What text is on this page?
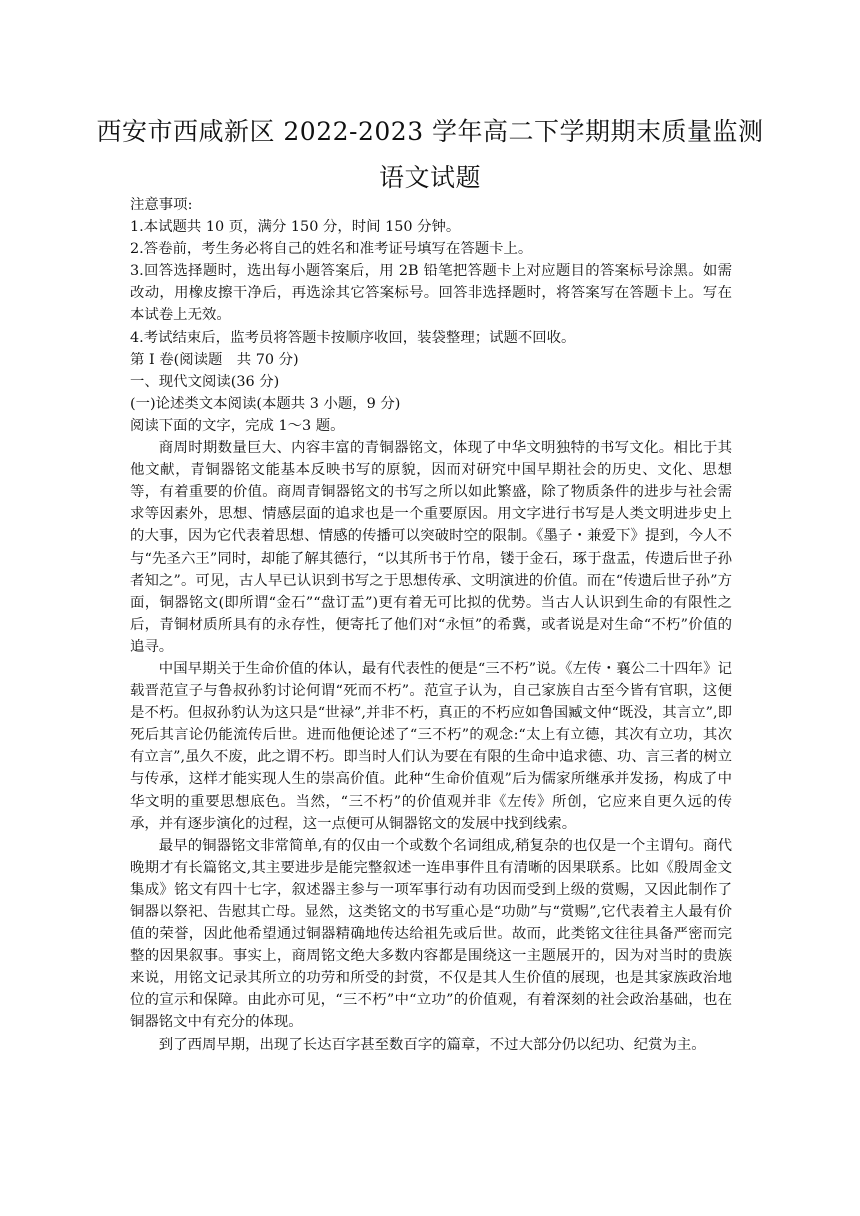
西安市西咸新区 2022-2023 学年高二下学期期末质量监测
语文试题

注意事项:

1.本试题共 10 页，满分 150 分，时间 150 分钟。

2.答卷前，考生务必将自己的姓名和准考证号填写在答题卡上。

3.回答选择题时，选出每小题答案后，用 2B 铅笔把答题卡上对应题目的答案标号涂黑。如需改动，用橡皮擦干净后，再选涂其它答案标号。回答非选择题时，将答案写在答题卡上。写在本试卷上无效。

4.考试结束后，监考员将答题卡按顺序收回，装袋整理；试题不回收。

第 I 卷(阅读题　共 70 分)

一、现代文阅读(36 分)

(一)论述类文本阅读(本题共 3 小题，9 分)

阅读下面的文字，完成 1～3 题。

商周时期数量巨大、内容丰富的青铜器铭文，体现了中华文明独特的书写文化。相比于其他文献，青铜器铭文能基本反映书写的原貌，因而对研究中国早期社会的历史、文化、思想等，有着重要的价值。商周青铜器铭文的书写之所以如此繁盛，除了物质条件的进步与社会需求等因素外，思想、情感层面的追求也是一个重要原因。用文字进行书写是人类文明进步史上的大事，因为它代表着思想、情感的传播可以突破时空的限制。《墨子・兼爱下》提到，今人不与“先圣六王”同时，却能了解其德行，“以其所书于竹帛，镂于金石，琢于盘盂，传遗后世子孙者知之”。可见，古人早已认识到书写之于思想传承、文明演进的价值。而在“传遗后世子孙”方面，铜器铭文(即所谓“金石”“盘订盂”)更有着无可比拟的优势。当古人认识到生命的有限性之后，青铜材质所具有的永存性，便寄托了他们对“永恒”的希冀，或者说是对生命“不朽”价值的追寻。

中国早期关于生命价值的体认，最有代表性的便是“三不朽”说。《左传・襄公二十四年》记载晋范宣子与鲁叔孙豹讨论何谓“死而不朽”。范宣子认为，自己家族自古至今皆有官职，这便是不朽。但叔孙豹认为这只是“世禄”,并非不朽，真正的不朽应如鲁国臧文仲“既没，其言立”,即死后其言论仍能流传后世。进而他便论述了“三不朽”的观念:“太上有立德，其次有立功，其次有立言”,虽久不废，此之谓不朽。即当时人们认为要在有限的生命中追求德、功、言三者的树立与传承，这样才能实现人生的崇高价值。此种“生命价值观”后为儒家所继承并发扬，构成了中华文明的重要思想底色。当然，“三不朽”的价值观并非《左传》所创，它应来自更久远的传承，并有逐步演化的过程，这一点便可从铜器铭文的发展中找到线索。

最早的铜器铭文非常简单,有的仅由一个或数个名词组成,稍复杂的也仅是一个主谓句。商代晚期才有长篇铭文,其主要进步是能完整叙述一连串事件且有清晰的因果联系。比如《殷周金文集成》铭文有四十七字，叙述器主参与一项军事行动有功因而受到上级的赏赐，又因此制作了铜器以祭祀、告慰其亡母。显然，这类铭文的书写重心是“功勋”与“赏赐”,它代表着主人最有价值的荣誉，因此他希望通过铜器精确地传达给祖先或后世。故而，此类铭文往往具备严密而完整的因果叙事。事实上，商周铭文绝大多数内容都是围绕这一主题展开的，因为对当时的贵族来说，用铭文记录其所立的功劳和所受的封赏，不仅是其人生价值的展现，也是其家族政治地位的宣示和保障。由此亦可见，“三不朽”中“立功”的价值观，有着深刻的社会政治基础，也在铜器铭文中有充分的体现。

到了西周早期，出现了长达百字甚至数百字的篇章，不过大部分仍以纪功、纪赏为主。
